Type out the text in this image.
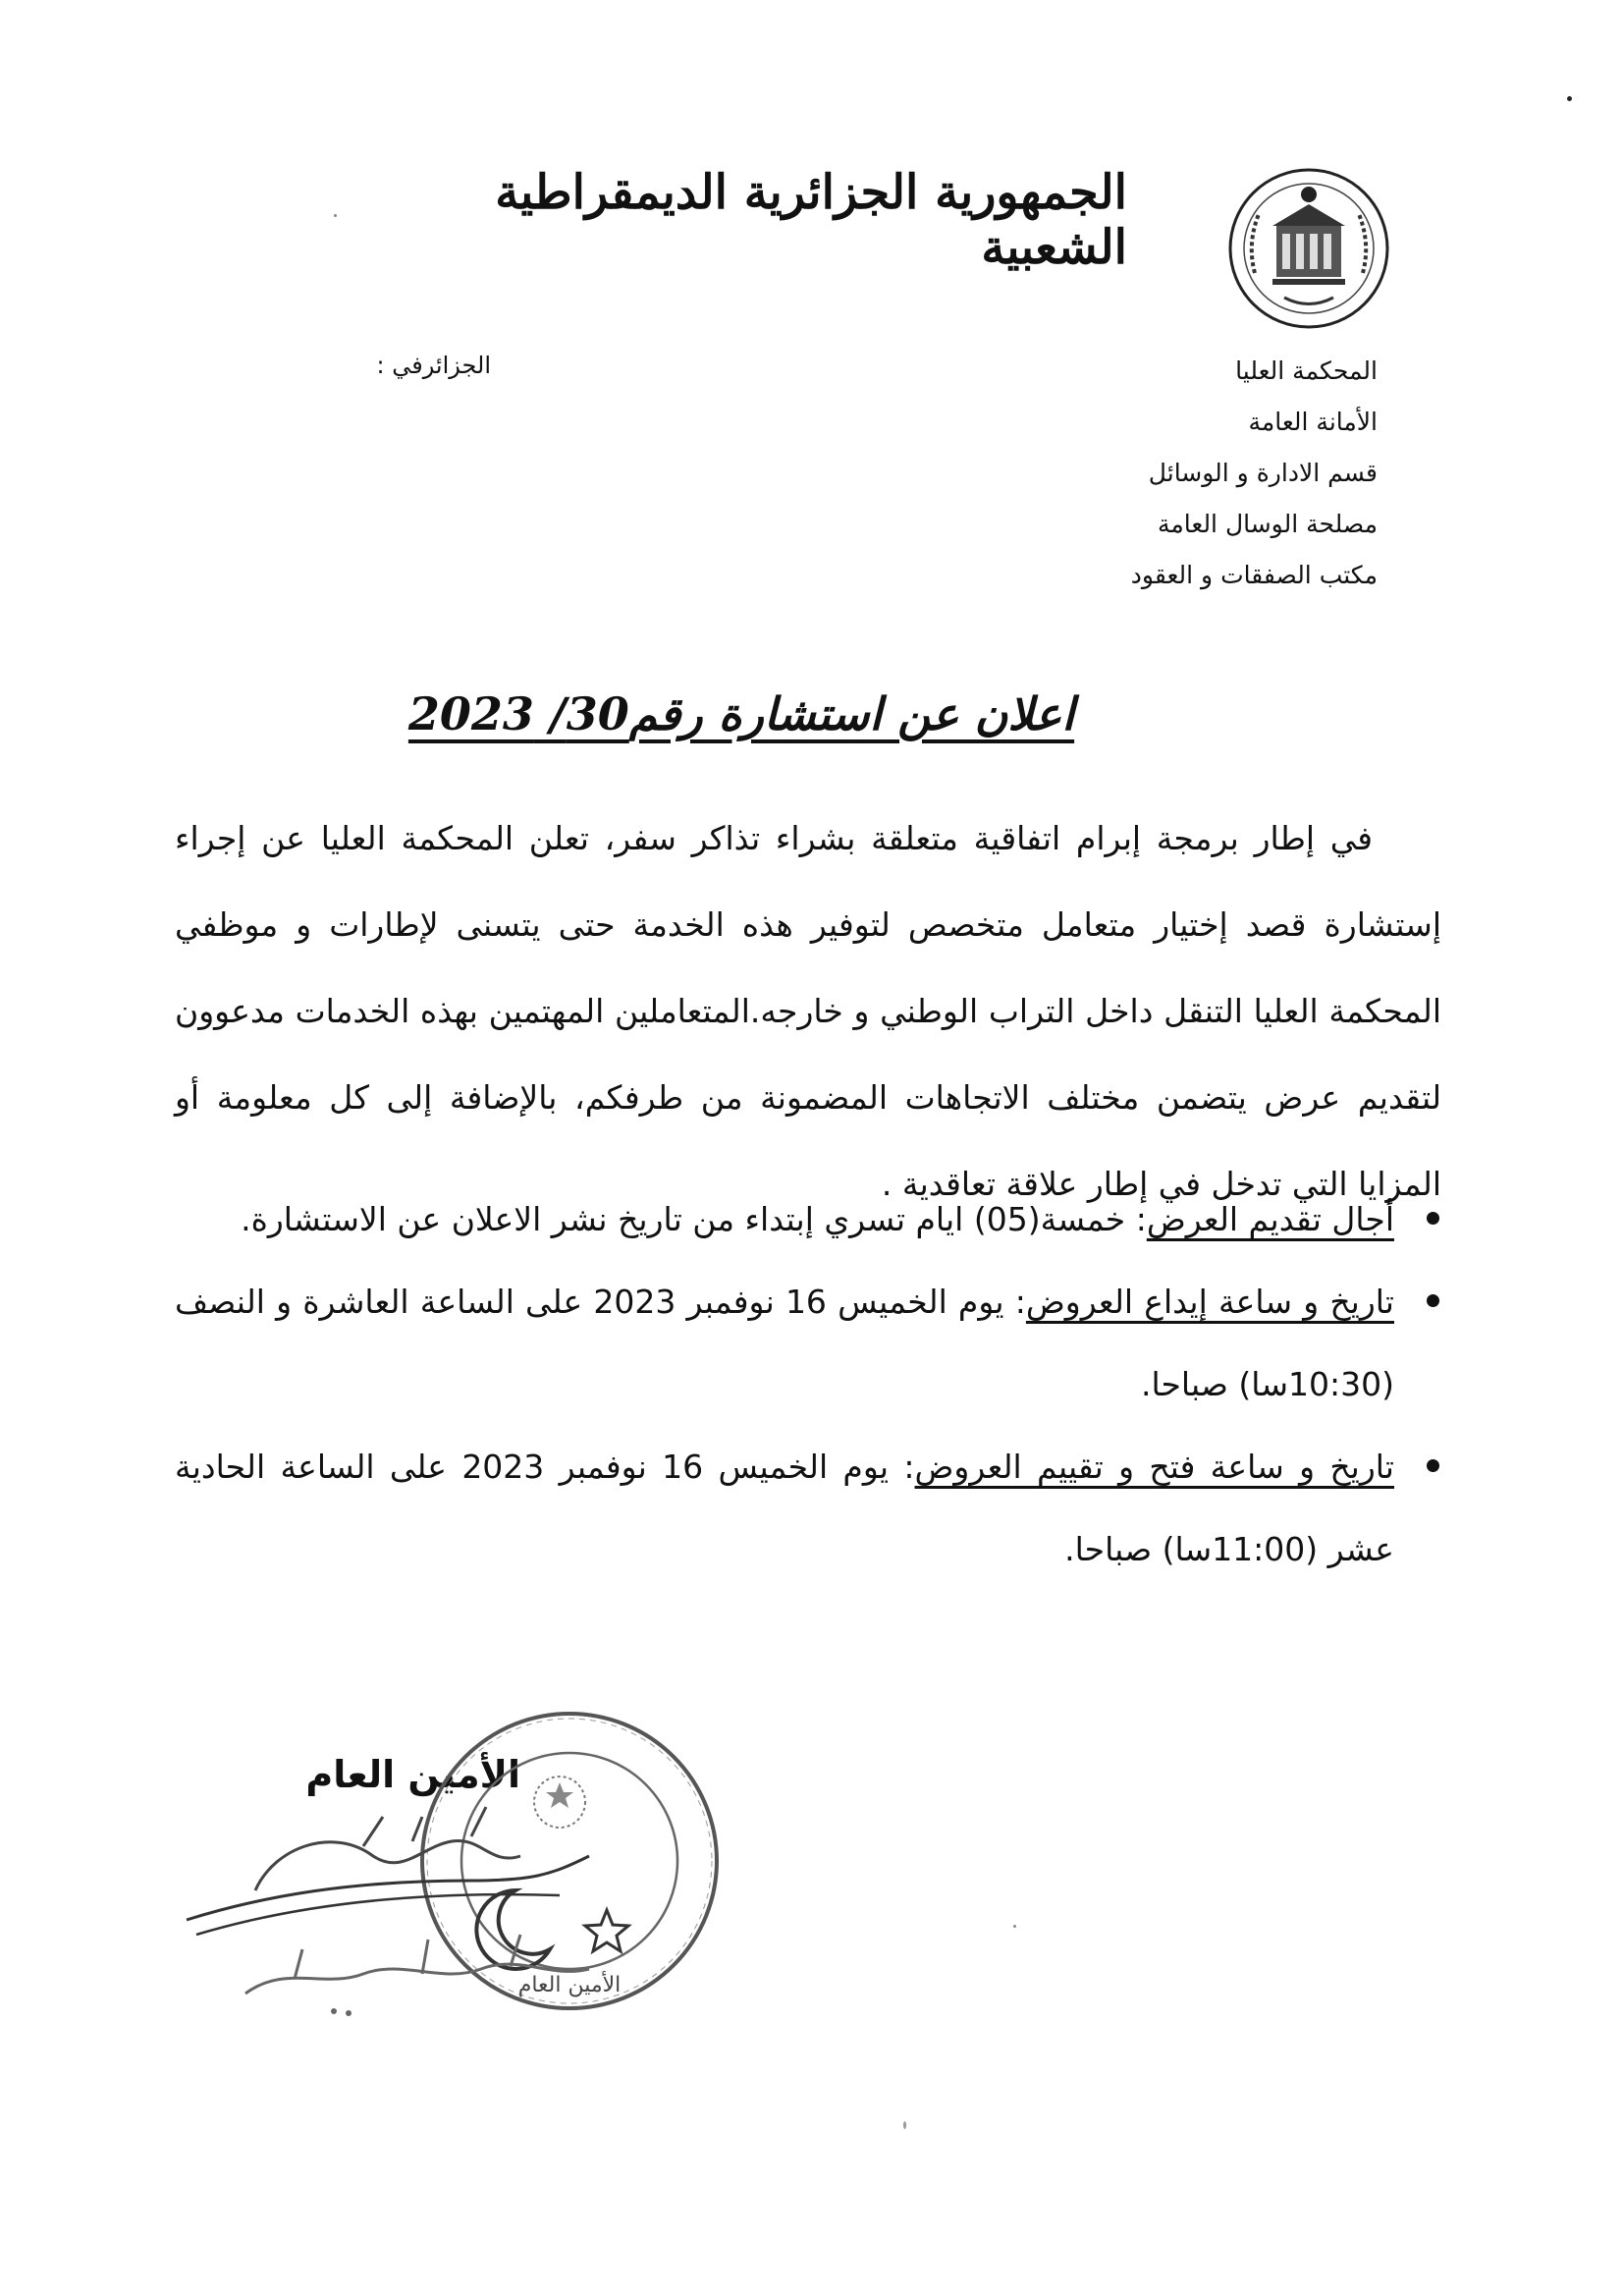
الجمهورية الجزائرية الديمقراطية الشعبية
الجزائرفي :	المحكمة العليا
الأمانة العامة
قسم الادارة و الوسائل
مصلحة الوسال العامة
مكتب الصفقات و العقود
اعلان عن استشارة رقم30/ 2023
في إطار برمجة إبرام اتفاقية متعلقة بشراء تذاكر سفر، تعلن المحكمة العليا عن إجراء إستشارة قصد إختيار متعامل متخصص لتوفير هذه الخدمة حتى يتسنى لإطارات و موظفي المحكمة العليا التنقل داخل التراب الوطني و خارجه.المتعاملين المهتمين بهذه الخدمات مدعوون لتقديم عرض يتضمن مختلف الاتجاهات المضمونة من طرفكم، بالإضافة إلى كل معلومة أو المزايا التي تدخل في إطار علاقة تعاقدية .
أجال تقديم العرض: خمسة(05) ايام تسري إبتداء من تاريخ نشر الاعلان عن الاستشارة.
تاريخ و ساعة إيداع العروض: يوم الخميس 16 نوفمبر 2023 على الساعة العاشرة و النصف (10:30سا) صباحا.
تاريخ و ساعة فتح و تقييم العروض: يوم الخميس 16 نوفمبر 2023 على الساعة الحادية عشر (11:00سا) صباحا.
الأمين العام
الأمين العام
